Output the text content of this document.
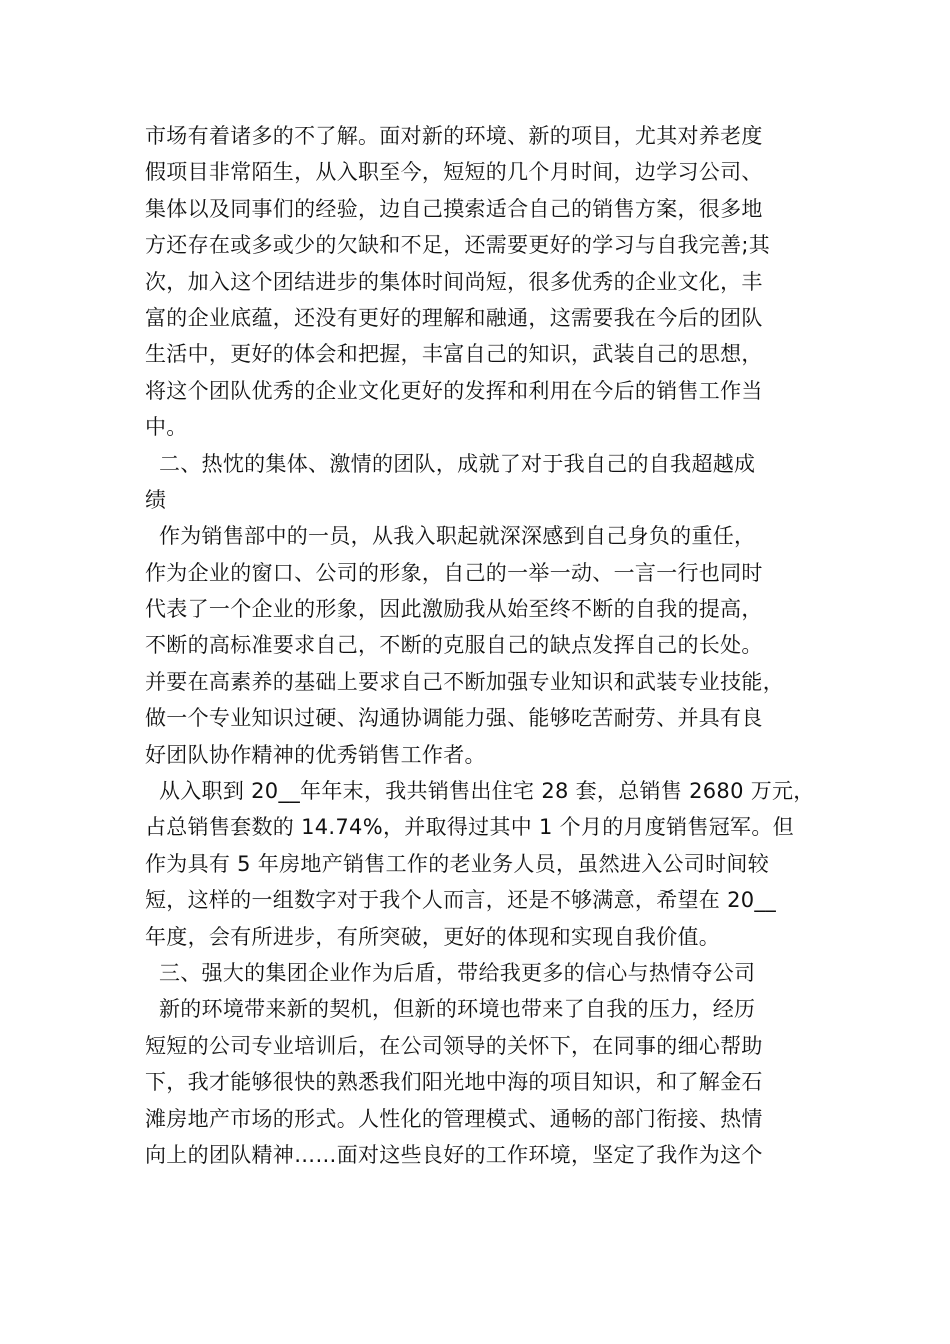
市场有着诸多的不了解。面对新的环境、新的项目，尤其对养老度
假项目非常陌生，从入职至今，短短的几个月时间，边学习公司、
集体以及同事们的经验，边自己摸索适合自己的销售方案，很多地
方还存在或多或少的欠缺和不足，还需要更好的学习与自我完善;其
次，加入这个团结进步的集体时间尚短，很多优秀的企业文化，丰
富的企业底蕴，还没有更好的理解和融通，这需要我在今后的团队
生活中，更好的体会和把握，丰富自己的知识，武装自己的思想，
将这个团队优秀的企业文化更好的发挥和利用在今后的销售工作当
中。
二、热忱的集体、激情的团队，成就了对于我自己的自我超越成
绩
作为销售部中的一员，从我入职起就深深感到自己身负的重任，
作为企业的窗口、公司的形象，自己的一举一动、一言一行也同时
代表了一个企业的形象，因此激励我从始至终不断的自我的提高，
不断的高标准要求自己，不断的克服自己的缺点发挥自己的长处。
并要在高素养的基础上要求自己不断加强专业知识和武装专业技能，
做一个专业知识过硬、沟通协调能力强、能够吃苦耐劳、并具有良
好团队协作精神的优秀销售工作者。
从入职到 20__年年末，我共销售出住宅 28 套，总销售 2680 万元，
占总销售套数的 14.74%，并取得过其中 1 个月的月度销售冠军。但
作为具有 5 年房地产销售工作的老业务人员，虽然进入公司时间较
短，这样的一组数字对于我个人而言，还是不够满意，希望在 20__
年度，会有所进步，有所突破，更好的体现和实现自我价值。
三、强大的集团企业作为后盾，带给我更多的信心与热情夺公司
新的环境带来新的契机，但新的环境也带来了自我的压力，经历
短短的公司专业培训后，在公司领导的关怀下，在同事的细心帮助
下，我才能够很快的熟悉我们阳光地中海的项目知识，和了解金石
滩房地产市场的形式。人性化的管理模式、通畅的部门衔接、热情
向上的团队精神……面对这些良好的工作环境，坚定了我作为这个
